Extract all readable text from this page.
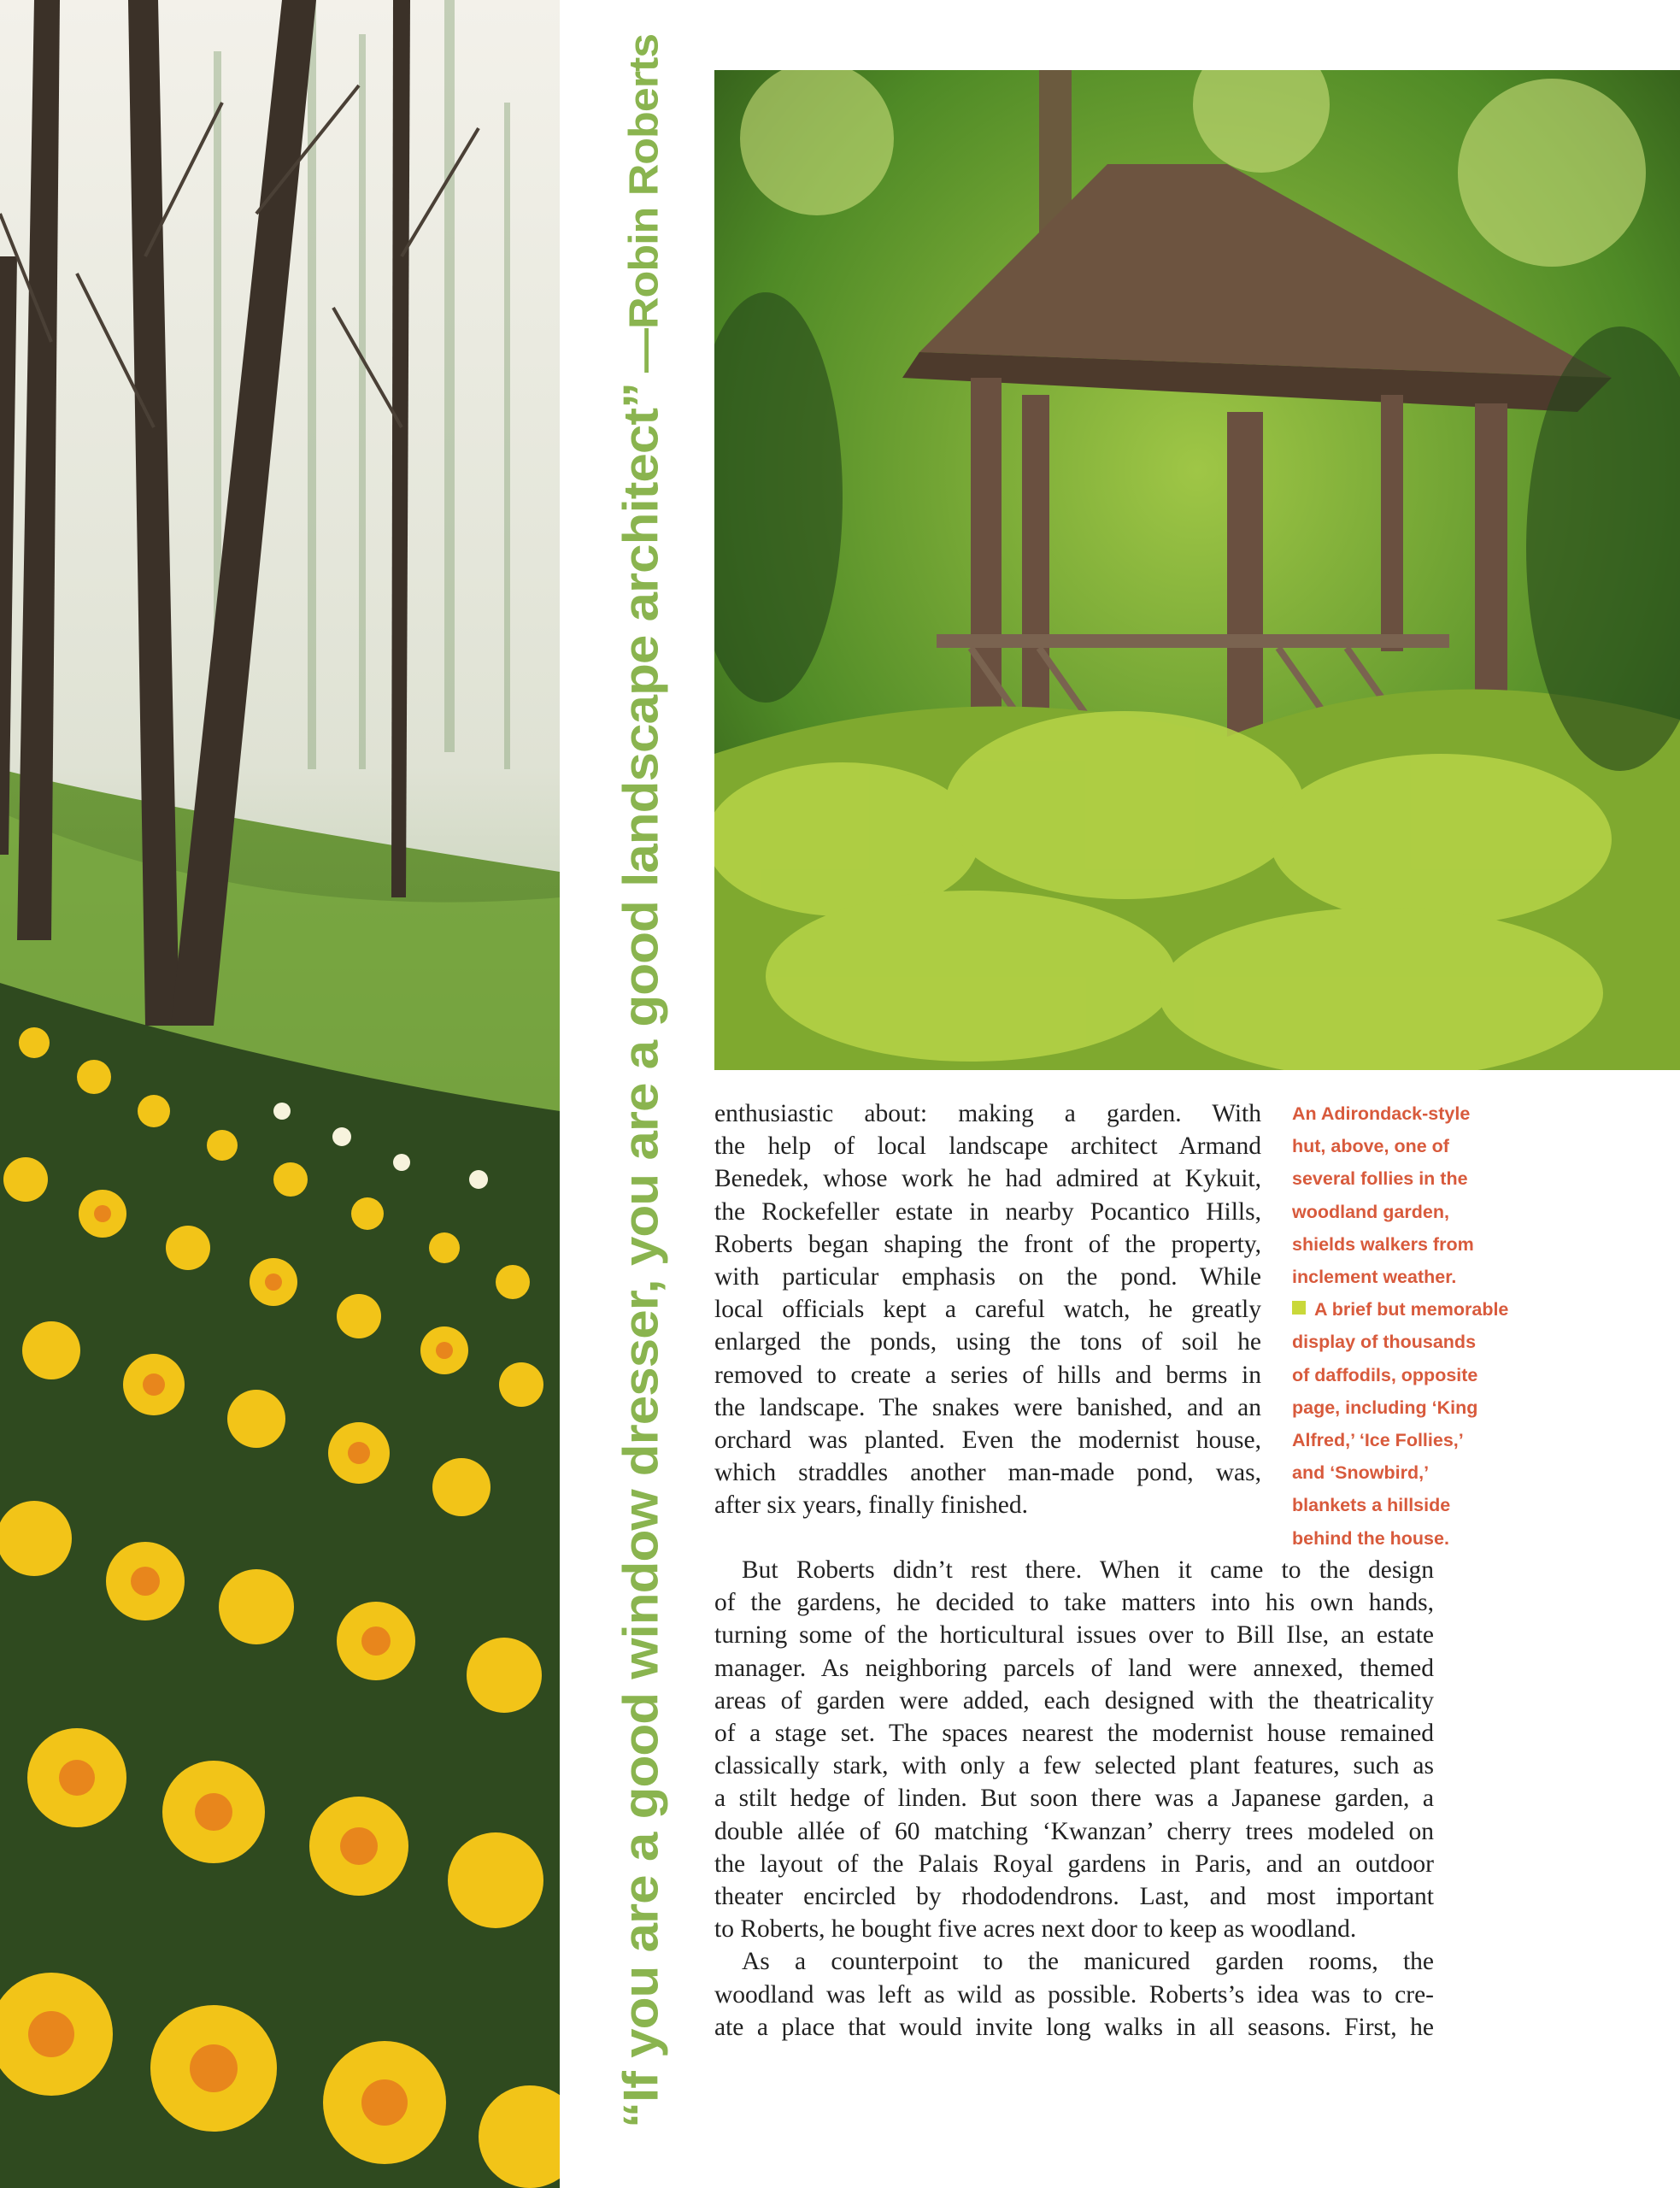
“If you are a good window dresser, you are a good landscape architect”—Robin Roberts
enthusiastic about: making a garden. With
the help of local landscape architect Armand
Benedek, whose work he had admired at Kykuit,
the Rockefeller estate in nearby Pocantico Hills,
Roberts began shaping the front of the property,
with particular emphasis on the pond. While
local officials kept a careful watch, he greatly
enlarged the ponds, using the tons of soil he
removed to create a series of hills and berms in
the landscape. The snakes were banished, and an
orchard was planted. Even the modernist house,
which straddles another man-made pond, was,
after six years, finally finished.
An Adirondack-style
hut, above, one of
several follies in the
woodland garden,
shields walkers from
inclement weather.
A brief but memorable
display of thousands
of daffodils, opposite
page, including ‘King
Alfred,’ ‘Ice Follies,’
and ‘Snowbird,’
blankets a hillside
behind the house.
But Roberts didn’t rest there. When it came to the design
of the gardens, he decided to take matters into his own hands,
turning some of the horticultural issues over to Bill Ilse, an estate
manager. As neighboring parcels of land were annexed, themed
areas of garden were added, each designed with the theatricality
of a stage set. The spaces nearest the modernist house remained
classically stark, with only a few selected plant features, such as
a stilt hedge of linden. But soon there was a Japanese garden, a
double allée of 60 matching ‘Kwanzan’ cherry trees modeled on
the layout of the Palais Royal gardens in Paris, and an outdoor
theater encircled by rhododendrons. Last, and most important
to Roberts, he bought five acres next door to keep as woodland.
As a counterpoint to the manicured garden rooms, the
woodland was left as wild as possible. Roberts’s idea was to cre-
ate a place that would invite long walks in all seasons. First, he
